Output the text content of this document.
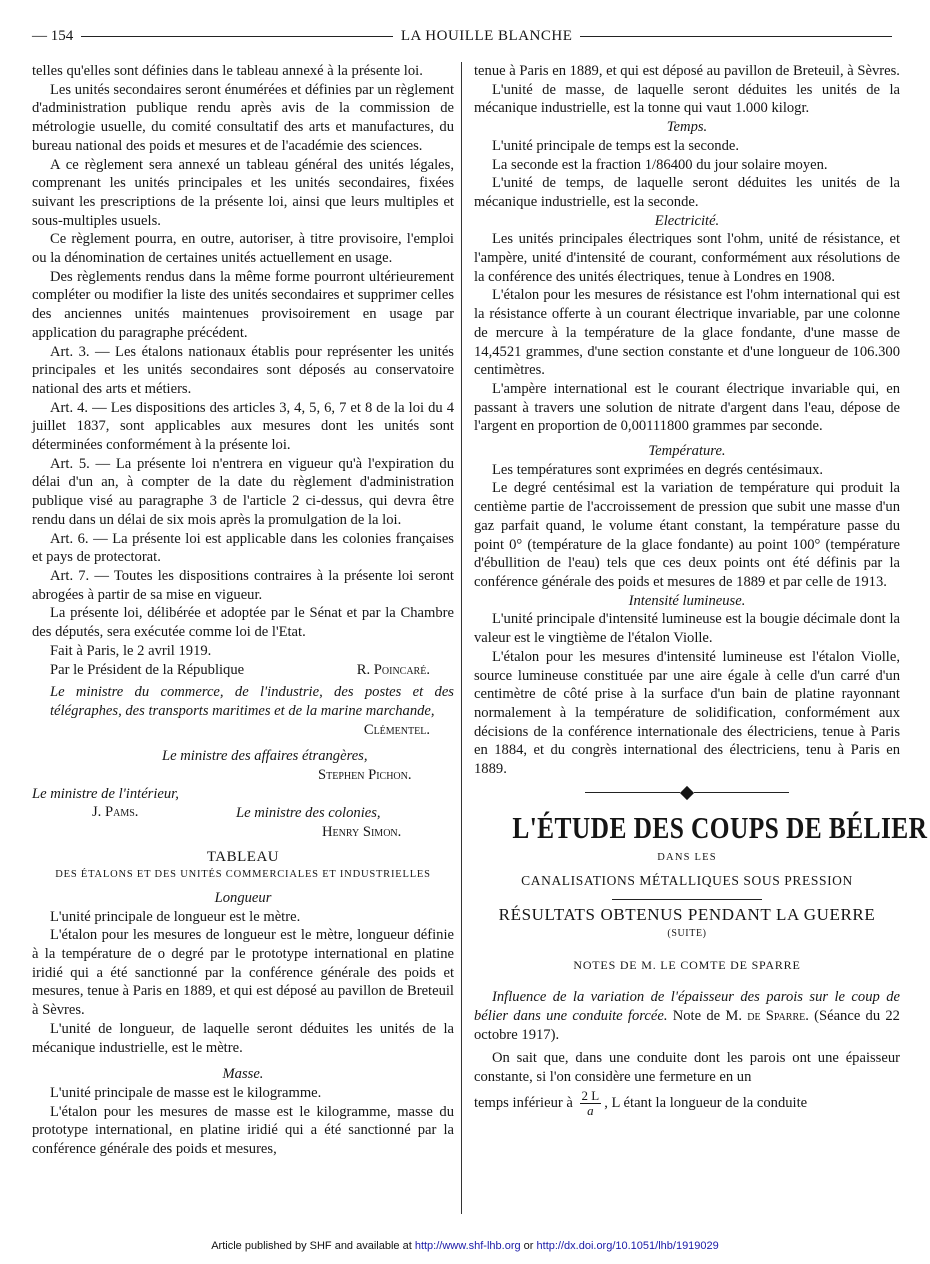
— 154	LA HOUILLE BLANCHE

telles qu'elles sont définies dans le tableau annexé à la présente loi.

Les unités secondaires seront énumérées et définies par un règlement d'administration publique rendu après avis de la commission de métrologie usuelle, du comité consultatif des arts et manufactures, du bureau national des poids et mesures et de l'académie des sciences.

A ce règlement sera annexé un tableau général des unités légales, comprenant les unités principales et les unités secondaires, fixées suivant les prescriptions de la présente loi, ainsi que leurs multiples et sous-multiples usuels.

Ce règlement pourra, en outre, autoriser, à titre provisoire, l'emploi ou la dénomination de certaines unités actuellement en usage.

Des règlements rendus dans la même forme pourront ultérieurement compléter ou modifier la liste des unités secondaires et supprimer celles des anciennes unités maintenues provisoirement en usage par application du paragraphe précédent.

Art. 3. — Les étalons nationaux établis pour représenter les unités principales et les unités secondaires sont déposés au conservatoire national des arts et métiers.

Art. 4. — Les dispositions des articles 3, 4, 5, 6, 7 et 8 de la loi du 4 juillet 1837, sont applicables aux mesures dont les unités sont déterminées conformément à la présente loi.

Art. 5. — La présente loi n'entrera en vigueur qu'à l'expiration du délai d'un an, à compter de la date du règlement d'administration publique visé au paragraphe 3 de l'article 2 ci-dessus, qui devra être rendu dans un délai de six mois après la promulgation de la loi.

Art. 6. — La présente loi est applicable dans les colonies françaises et pays de protectorat.

Art. 7. — Toutes les dispositions contraires à la présente loi seront abrogées à partir de sa mise en vigueur.

La présente loi, délibérée et adoptée par le Sénat et par la Chambre des députés, sera exécutée comme loi de l'Etat.

Fait à Paris, le 2 avril 1919.

Par le Président de la République	R. Poincaré.
Le ministre du commerce, de l'industrie, des postes et des télégraphes, des transports maritimes et de la marine marchande,
Clémentel.
Le ministre des affaires étrangères,
Stephen Pichon.
Le ministre de l'intérieur,
J. Pams.	Le ministre des colonies,
Henry Simon.
TABLEAU
DES ÉTALONS ET DES UNITÉS COMMERCIALES ET INDUSTRIELLES

Longueur

L'unité principale de longueur est le mètre.

L'étalon pour les mesures de longueur est le mètre, longueur définie à la température de o degré par le prototype international en platine iridié qui a été sanctionné par la conférence générale des poids et mesures, tenue à Paris en 1889, et qui est déposé au pavillon de Breteuil à Sèvres.

L'unité de longueur, de laquelle seront déduites les unités de la mécanique industrielle, est le mètre.

Masse.

L'unité principale de masse est le kilogramme.

L'étalon pour les mesures de masse est le kilogramme, masse du prototype international, en platine iridié qui a été sanctionné par la conférence générale des poids et mesures,

tenue à Paris en 1889, et qui est déposé au pavillon de Breteuil, à Sèvres.

L'unité de masse, de laquelle seront déduites les unités de la mécanique industrielle, est la tonne qui vaut 1.000 kilogr.

Temps.

L'unité principale de temps est la seconde.

La seconde est la fraction 1/86400 du jour solaire moyen.

L'unité de temps, de laquelle seront déduites les unités de la mécanique industrielle, est la seconde.

Electricité.

Les unités principales électriques sont l'ohm, unité de résistance, et l'ampère, unité d'intensité de courant, conformément aux résolutions de la conférence des unités électriques, tenue à Londres en 1908.

L'étalon pour les mesures de résistance est l'ohm international qui est la résistance offerte à un courant électrique invariable, par une colonne de mercure à la température de la glace fondante, d'une masse de 14,4521 grammes, d'une section constante et d'une longueur de 106.300 centimètres.

L'ampère international est le courant électrique invariable qui, en passant à travers une solution de nitrate d'argent dans l'eau, dépose de l'argent en proportion de 0,00111800 grammes par seconde.

Température.

Les températures sont exprimées en degrés centésimaux.

Le degré centésimal est la variation de température qui produit la centième partie de l'accroissement de pression que subit une masse d'un gaz parfait quand, le volume étant constant, la température passe du point 0° (température de la glace fondante) au point 100° (température d'ébullition de l'eau) tels que ces deux points ont été définis par la conférence générale des poids et mesures de 1889 et par celle de 1913.

Intensité lumineuse.

L'unité principale d'intensité lumineuse est la bougie décimale dont la valeur est le vingtième de l'étalon Violle.

L'étalon pour les mesures d'intensité lumineuse est l'étalon Violle, source lumineuse constituée par une aire égale à celle d'un carré d'un centimètre de côté prise à la surface d'un bain de platine rayonnant normalement à la température de solidification, conformément aux décisions de la conférence internationale des électriciens, tenue à Paris en 1884, et du congrès international des électriciens, tenu à Paris en 1889.

L'ÉTUDE DES COUPS DE BÉLIER
DANS LES
CANALISATIONS MÉTALLIQUES SOUS PRESSION
RÉSULTATS OBTENUS PENDANT LA GUERRE
(SUITE)
NOTES DE M. LE COMTE DE SPARRE

Influence de la variation de l'épaisseur des parois sur le coup de bélier dans une conduite forcée. Note de M. de Sparre. (Séance du 22 octobre 1917).

On sait que, dans une conduite dont les parois ont une épaisseur constante, si l'on considère une fermeture en un

temps inférieur à $\frac{2 L}{a}$ , L étant la longueur de la conduite

Article published by SHF and available at http://www.shf-lhb.org or http://dx.doi.org/10.1051/lhb/1919029
